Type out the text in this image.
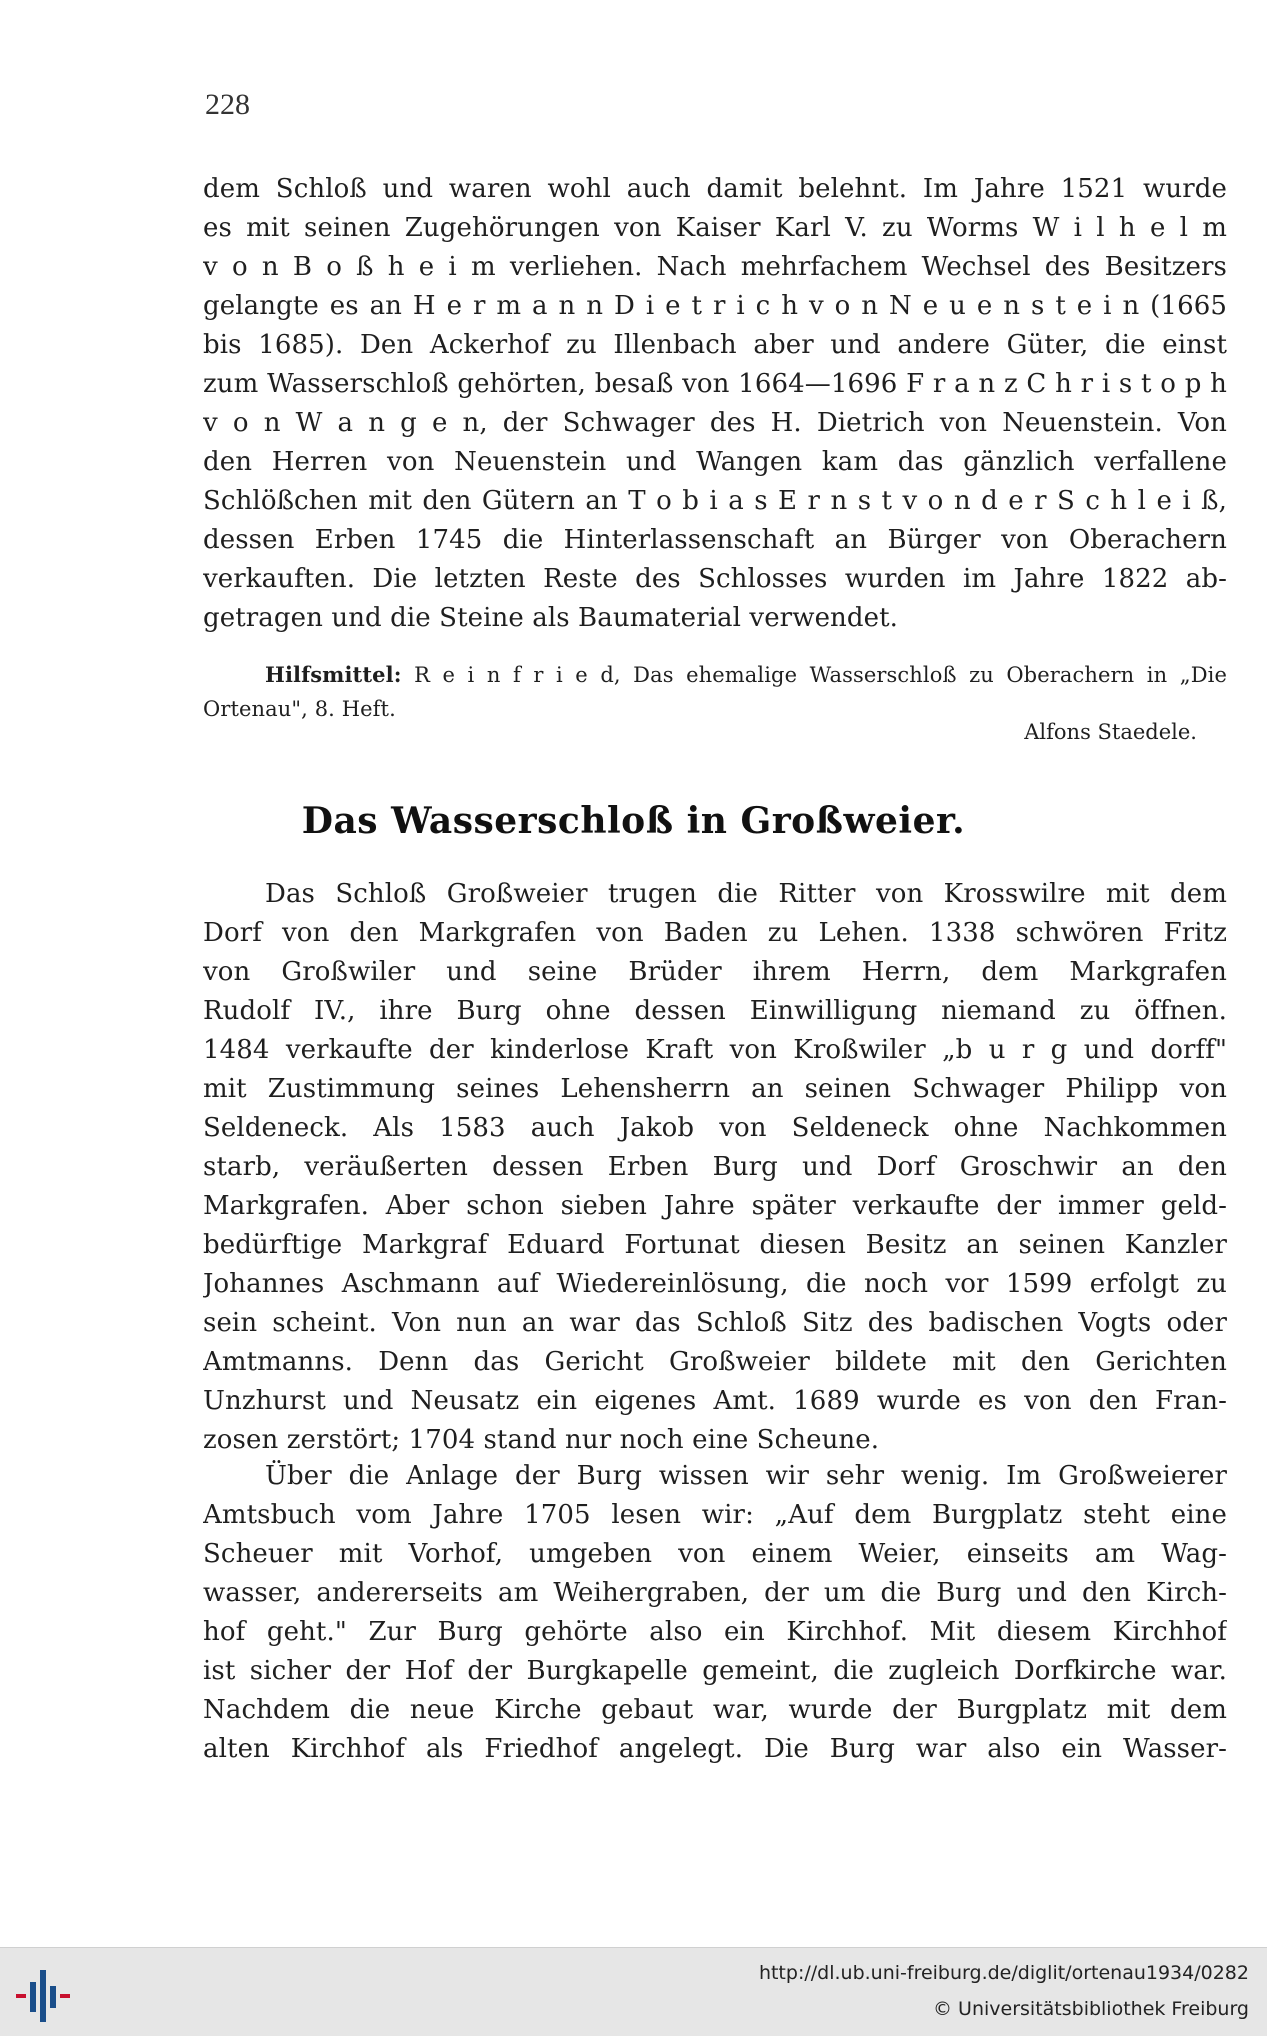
228
dem Schloß und waren wohl auch damit belehnt. Im Jahre 1521 wurde
es mit seinen Zugehörungen von Kaiser Karl V. zu Worms W i l h e l m
v o n B o ß h e i m verliehen. Nach mehrfachem Wechsel des Besitzers
gelangte es an H e r m a n n D i e t r i c h v o n N e u e n s t e i n (1665
bis 1685). Den Ackerhof zu Illenbach aber und andere Güter, die einst
zum Wasserschloß gehörten, besaß von 1664—1696 F r a n z C h r i s t o p h
v o n W a n g e n, der Schwager des H. Dietrich von Neuenstein. Von
den Herren von Neuenstein und Wangen kam das gänzlich verfallene
Schlößchen mit den Gütern an T o b i a s E r n s t v o n d e r S c h l e i ß,
dessen Erben 1745 die Hinterlassenschaft an Bürger von Oberachern
verkauften. Die letzten Reste des Schlosses wurden im Jahre 1822 ab-
getragen und die Steine als Baumaterial verwendet.
Hilfsmittel: R e i n f r i e d, Das ehemalige Wasserschloß zu Oberachern in „Die
Ortenau", 8. Heft.
Alfons Staedele.
Das Wasserschloß in Großweier.
Das Schloß Großweier trugen die Ritter von Krosswilre mit dem
Dorf von den Markgrafen von Baden zu Lehen. 1338 schwören Fritz
von Großwiler und seine Brüder ihrem Herrn, dem Markgrafen
Rudolf IV., ihre Burg ohne dessen Einwilligung niemand zu öffnen.
1484 verkaufte der kinderlose Kraft von Kroßwiler „b u r g und dorff"
mit Zustimmung seines Lehensherrn an seinen Schwager Philipp von
Seldeneck. Als 1583 auch Jakob von Seldeneck ohne Nachkommen
starb, veräußerten dessen Erben Burg und Dorf Groschwir an den
Markgrafen. Aber schon sieben Jahre später verkaufte der immer geld-
bedürftige Markgraf Eduard Fortunat diesen Besitz an seinen Kanzler
Johannes Aschmann auf Wiedereinlösung, die noch vor 1599 erfolgt zu
sein scheint. Von nun an war das Schloß Sitz des badischen Vogts oder
Amtmanns. Denn das Gericht Großweier bildete mit den Gerichten
Unzhurst und Neusatz ein eigenes Amt. 1689 wurde es von den Fran-
zosen zerstört; 1704 stand nur noch eine Scheune.
Über die Anlage der Burg wissen wir sehr wenig. Im Großweierer
Amtsbuch vom Jahre 1705 lesen wir: „Auf dem Burgplatz steht eine
Scheuer mit Vorhof, umgeben von einem Weier, einseits am Wag-
wasser, andererseits am Weihergraben, der um die Burg und den Kirch-
hof geht." Zur Burg gehörte also ein Kirchhof. Mit diesem Kirchhof
ist sicher der Hof der Burgkapelle gemeint, die zugleich Dorfkirche war.
Nachdem die neue Kirche gebaut war, wurde der Burgplatz mit dem
alten Kirchhof als Friedhof angelegt. Die Burg war also ein Wasser-
http://dl.ub.uni-freiburg.de/diglit/ortenau1934/0282
© Universitätsbibliothek Freiburg
